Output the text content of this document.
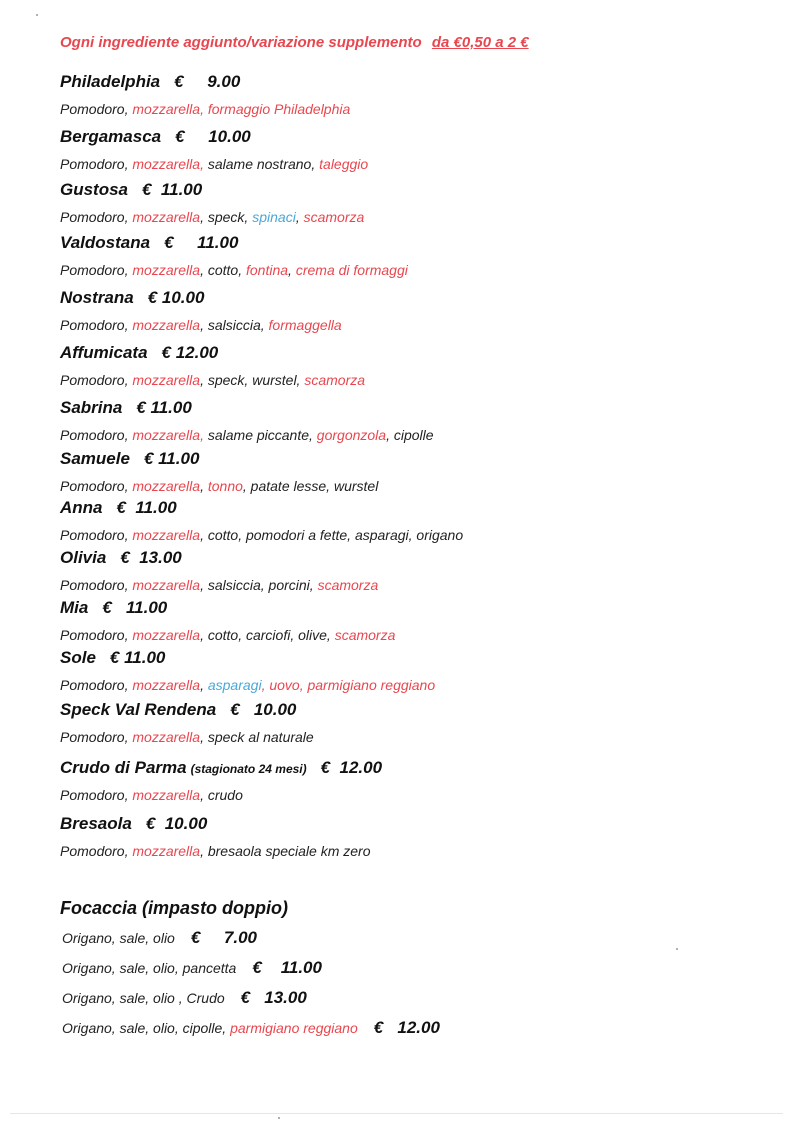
Ogni ingrediente aggiunto/variazione supplemento da €0,50 a 2 €
Philadelphia €     9.00
Pomodoro, mozzarella, formaggio Philadelphia
Bergamasca €     10.00
Pomodoro, mozzarella, salame nostrano, taleggio
Gustosa €  11.00
Pomodoro, mozzarella, speck, spinaci, scamorza
Valdostana €     11.00
Pomodoro, mozzarella, cotto, fontina, crema di formaggi
Nostrana € 10.00
Pomodoro, mozzarella, salsiccia, formaggella
Affumicata € 12.00
Pomodoro, mozzarella, speck, wurstel, scamorza
Sabrina € 11.00
Pomodoro, mozzarella, salame piccante, gorgonzola, cipolle
Samuele € 11.00
Pomodoro, mozzarella, tonno, patate lesse, wurstel
Anna €  11.00
Pomodoro, mozzarella, cotto, pomodori a fette, asparagi, origano
Olivia €  13.00
Pomodoro, mozzarella, salsiccia, porcini, scamorza
Mia €   11.00
Pomodoro, mozzarella, cotto, carciofi, olive, scamorza
Sole € 11.00
Pomodoro, mozzarella, asparagi, uovo, parmigiano reggiano
Speck Val Rendena €   10.00
Pomodoro, mozzarella, speck al naturale
Crudo di Parma (stagionato 24 mesi) €  12.00
Pomodoro, mozzarella, crudo
Bresaola €  10.00
Pomodoro, mozzarella, bresaola speciale km zero
Focaccia (impasto doppio)
Origano, sale, olio €     7.00
Origano, sale, olio, pancetta €    11.00
Origano, sale, olio , Crudo €   13.00
Origano, sale, olio, cipolle, parmigiano reggiano €   12.00
